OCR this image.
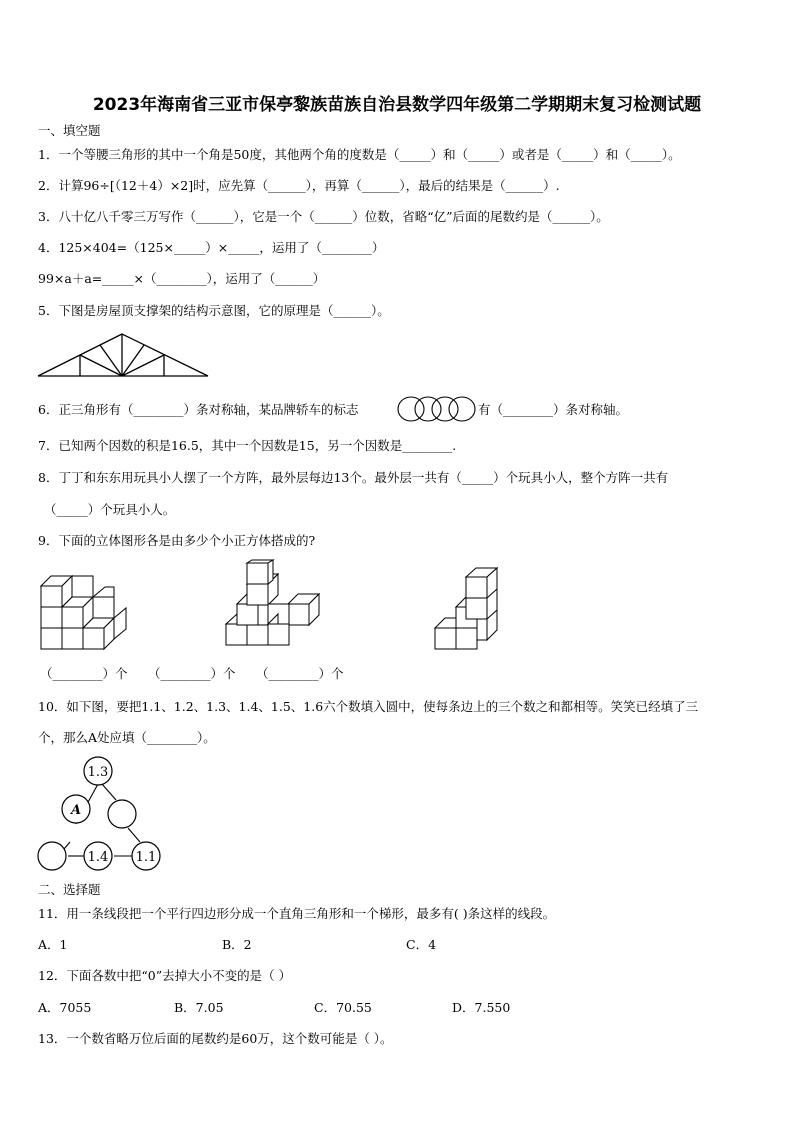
2023年海南省三亚市保亭黎族苗族自治县数学四年级第二学期期末复习检测试题
一、填空题
1．一个等腰三角形的其中一个角是50度，其他两个角的度数是（_____）和（_____）或者是（_____）和（_____）。
2．计算96÷[（12＋4）×2]时，应先算（______），再算（______），最后的结果是（______）.
3．八十亿八千零三万写作（______），它是一个（______）位数，省略“亿”后面的尾数约是（______）。
4．125×404=（125×_____）×_____，运用了（________）
99×a＋a=_____×（________），运用了（______）
5．下图是房屋顶支撑架的结构示意图，它的原理是（______）。
6．正三角形有（________）条对称轴，某品牌轿车的标志	有（________）条对称轴。
7．已知两个因数的积是16.5，其中一个因数是15，另一个因数是________.
8．丁丁和东东用玩具小人摆了一个方阵，最外层每边13个。最外层一共有（_____）个玩具小人，整个方阵一共有
（_____）个玩具小人。
9．下面的立体图形各是由多少个小正方体搭成的?
（________）个 （________）个 （________）个
10．如下图，要把1.1、1.2、1.3、1.4、1.5、1.6六个数填入圆中，使每条边上的三个数之和都相等。笑笑已经填了三
个，那么A处应填（________）。
1.3
A
1.4 1.1
二、选择题
11．用一条线段把一个平行四边形分成一个直角三角形和一个梯形，最多有( )条这样的线段。
A．1	B．2	C．4
12．下面各数中把“0”去掉大小不变的是（ ）
A．7055	B．7.05	C．70.55	D．7.550
13．一个数省略万位后面的尾数约是60万，这个数可能是（ ）。
